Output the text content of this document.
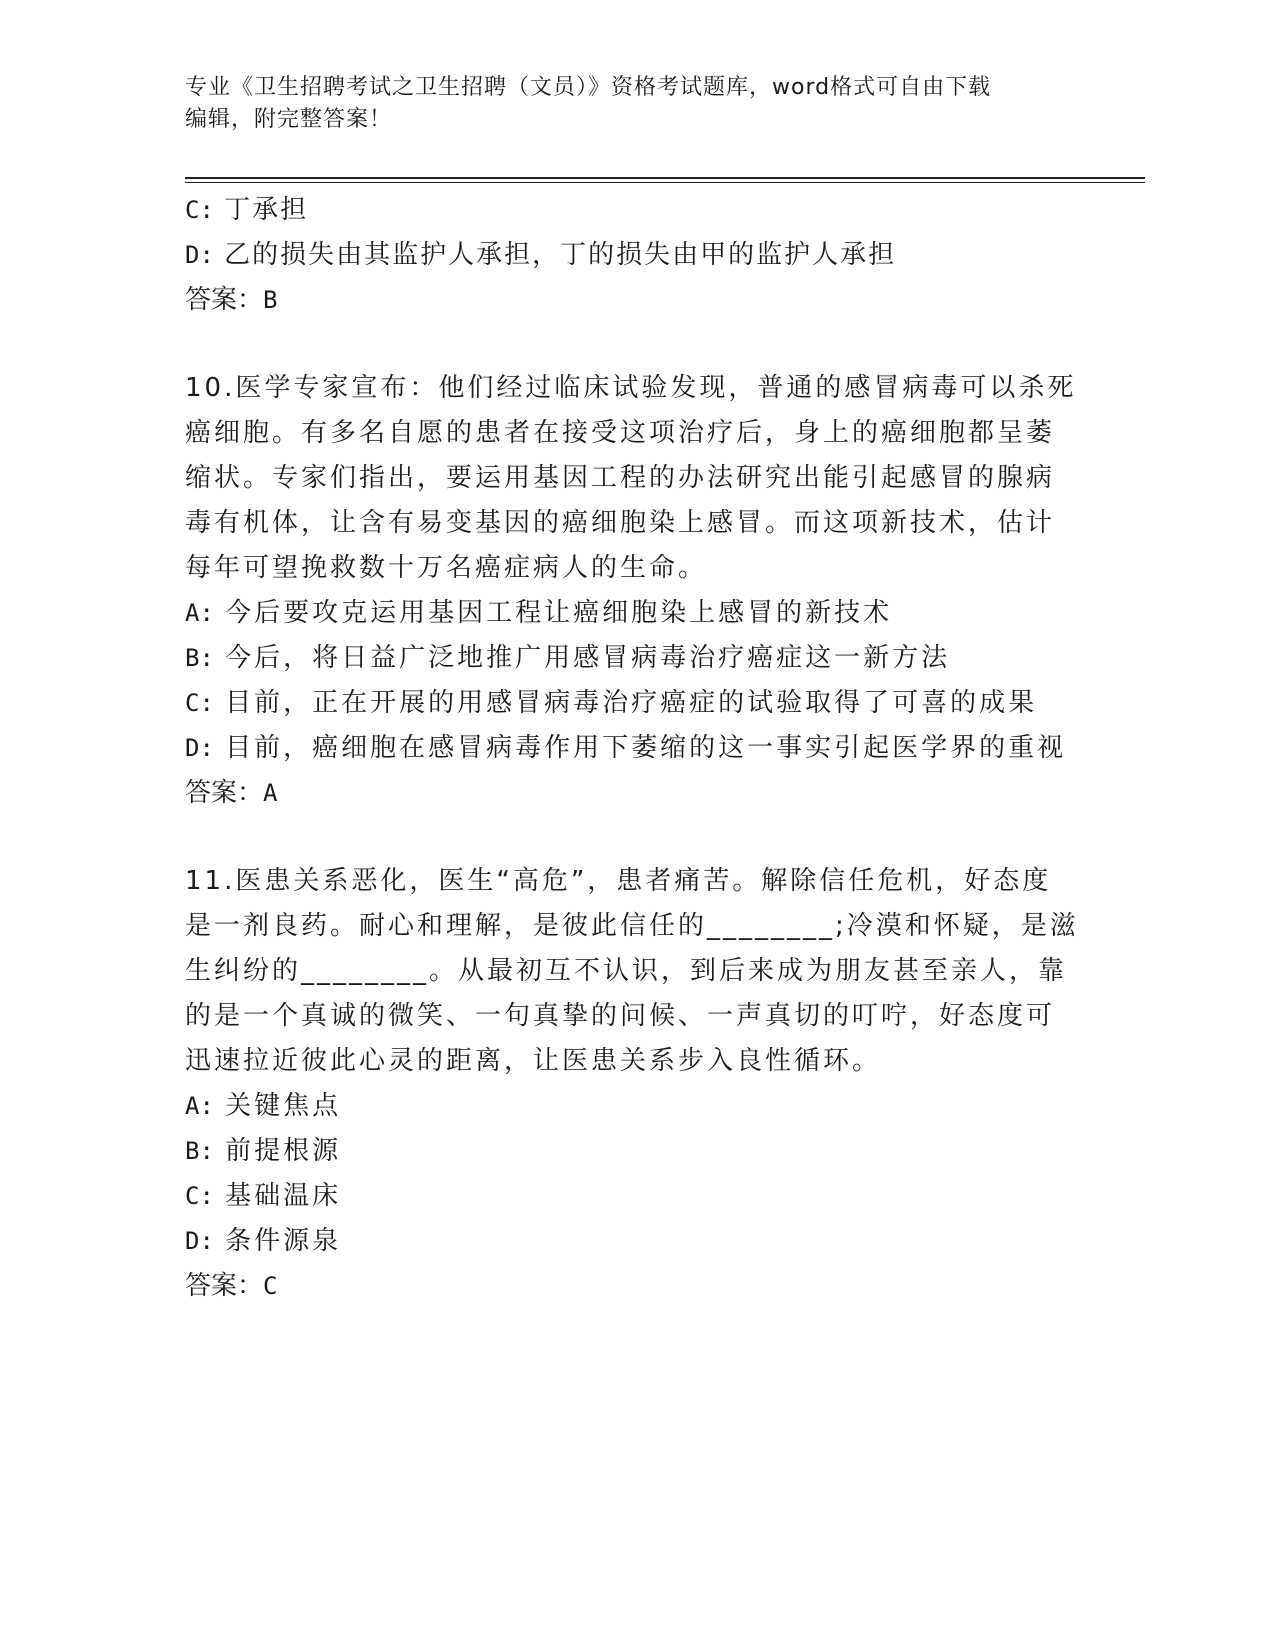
专业《卫生招聘考试之卫生招聘（文员）》资格考试题库，word格式可自由下载
编辑，附完整答案！
C: 丁承担
D: 乙的损失由其监护人承担，丁的损失由甲的监护人承担
答案：B
10.医学专家宣布：他们经过临床试验发现，普通的感冒病毒可以杀死
癌细胞。有多名自愿的患者在接受这项治疗后，身上的癌细胞都呈萎
缩状。专家们指出，要运用基因工程的办法研究出能引起感冒的腺病
毒有机体，让含有易变基因的癌细胞染上感冒。而这项新技术，估计
每年可望挽救数十万名癌症病人的生命。
A: 今后要攻克运用基因工程让癌细胞染上感冒的新技术
B: 今后，将日益广泛地推广用感冒病毒治疗癌症这一新方法
C: 目前，正在开展的用感冒病毒治疗癌症的试验取得了可喜的成果
D: 目前，癌细胞在感冒病毒作用下萎缩的这一事实引起医学界的重视
答案：A
11.医患关系恶化，医生“高危”，患者痛苦。解除信任危机，好态度
是一剂良药。耐心和理解，是彼此信任的________;冷漠和怀疑，是滋
生纠纷的________。从最初互不认识，到后来成为朋友甚至亲人，靠
的是一个真诚的微笑、一句真挚的问候、一声真切的叮咛，好态度可
迅速拉近彼此心灵的距离，让医患关系步入良性循环。
A: 关键焦点
B: 前提根源
C: 基础温床
D: 条件源泉
答案：C
